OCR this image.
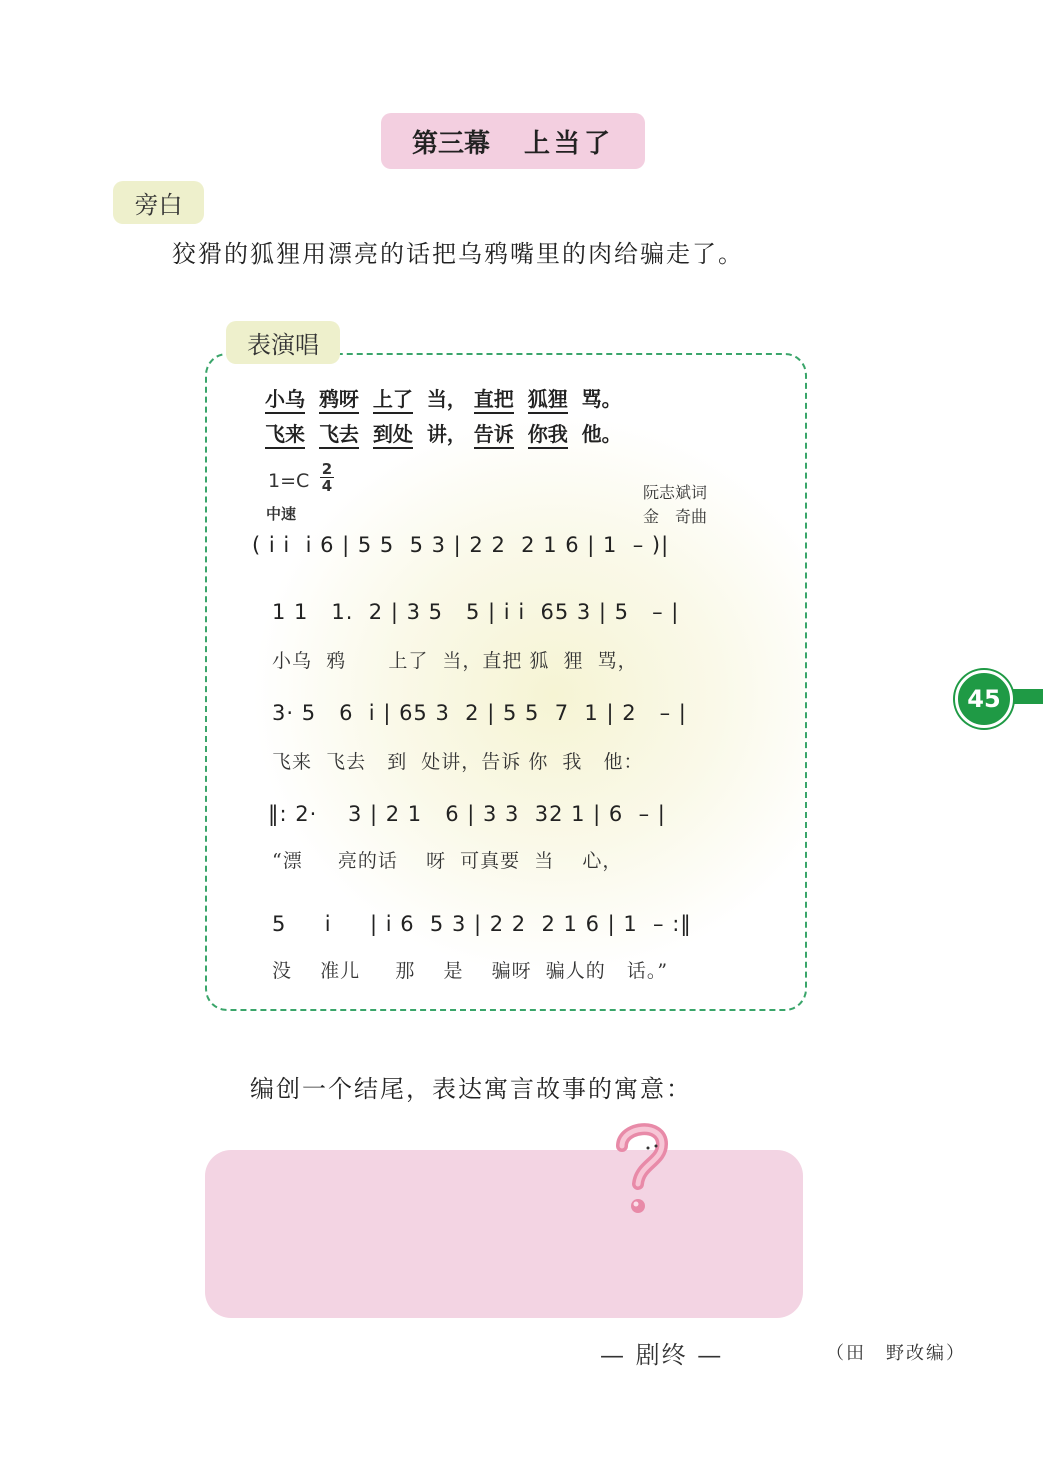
第三幕 上当了
旁白
狡猾的狐狸用漂亮的话把乌鸦嘴里的肉给骗走了。
表演唱
小乌 鸦呀 上了 当， 直把 狐狸 骂。
飞来 飞去 到处 讲， 告诉 你我 他。
1=C
2
4
中速
阮志斌词
金　奇曲
( i i  i 6 | 5 5  5 3 | 2 2  2 1 6 | 1  – )|
1 1   1.  2 | 3 5   5 | i i  65 3 | 5   – |
小乌  鸦      上了  当，直把 狐  狸  骂，
3· 5   6  i | 65 3  2 | 5 5  7  1 | 2   – |
飞来  飞去   到  处讲，告诉 你  我   他：
‖: 2·    3 | 2 1   6 | 3 3  32 1 | 6  – |
“漂     亮的话    呀  可真要  当    心，
5     i     | i 6  5 3 | 2 2  2 1 6 | 1  – :‖
没    准儿     那    是    骗呀  骗人的   话。”
编创一个结尾，表达寓言故事的寓意：
— 剧终 —	（田　野改编）
45
